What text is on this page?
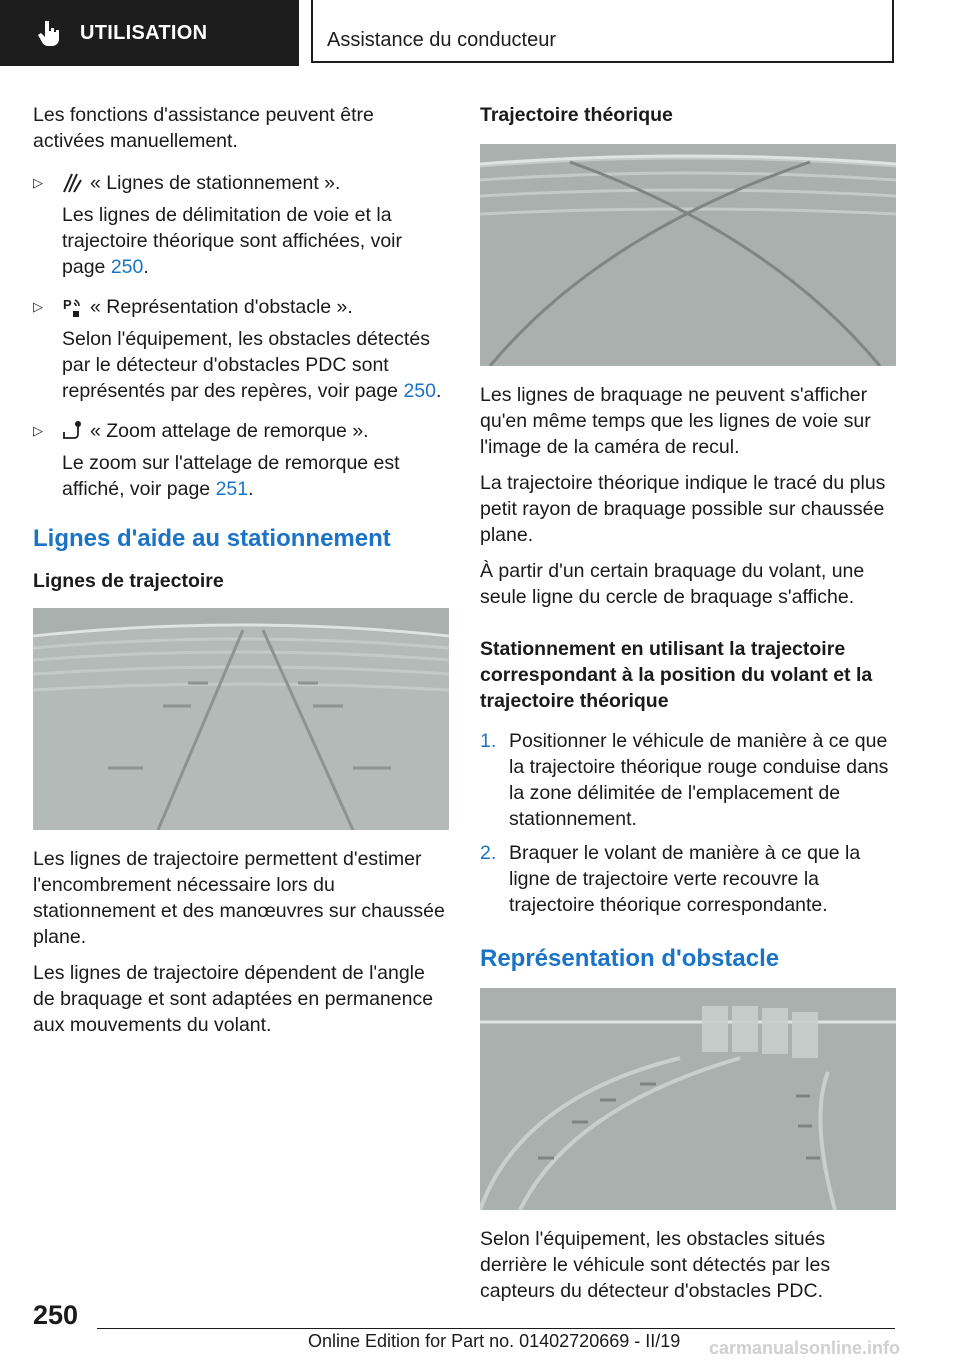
UTILISATION	Assistance du conducteur

Les fonctions d'assistance peuvent être activées manuellement.

▷ « Lignes de stationnement ».

Les lignes de délimitation de voie et la trajectoire théorique sont affichées, voir page 250.

▷ P « Représentation d'obstacle ».

Selon l'équipement, les obstacles détectés par le détecteur d'obstacles PDC sont représentés par des repères, voir page 250.

▷ « Zoom attelage de remorque ».

Le zoom sur l'attelage de remorque est affiché, voir page 251.

Lignes d'aide au stationnement
Lignes de trajectoire

Les lignes de trajectoire permettent d'estimer l'encombrement nécessaire lors du stationnement et des manœuvres sur chaussée plane.

Les lignes de trajectoire dépendent de l'angle de braquage et sont adaptées en permanence aux mouvements du volant.

Trajectoire théorique

Les lignes de braquage ne peuvent s'afficher qu'en même temps que les lignes de voie sur l'image de la caméra de recul.

La trajectoire théorique indique le tracé du plus petit rayon de braquage possible sur chaussée plane.

À partir d'un certain braquage du volant, une seule ligne du cercle de braquage s'affiche.

Stationnement en utilisant la trajectoire correspondant à la position du volant et la trajectoire théorique
1. Positionner le véhicule de manière à ce que la trajectoire théorique rouge conduise dans la zone délimitée de l'emplacement de stationnement.
2. Braquer le volant de manière à ce que la ligne de trajectoire verte recouvre la trajectoire théorique correspondante.
Représentation d'obstacle

Selon l'équipement, les obstacles situés derrière le véhicule sont détectés par les capteurs du détecteur d'obstacles PDC.

250
Online Edition for Part no. 01402720669 - II/19 carmanualsonline.info
